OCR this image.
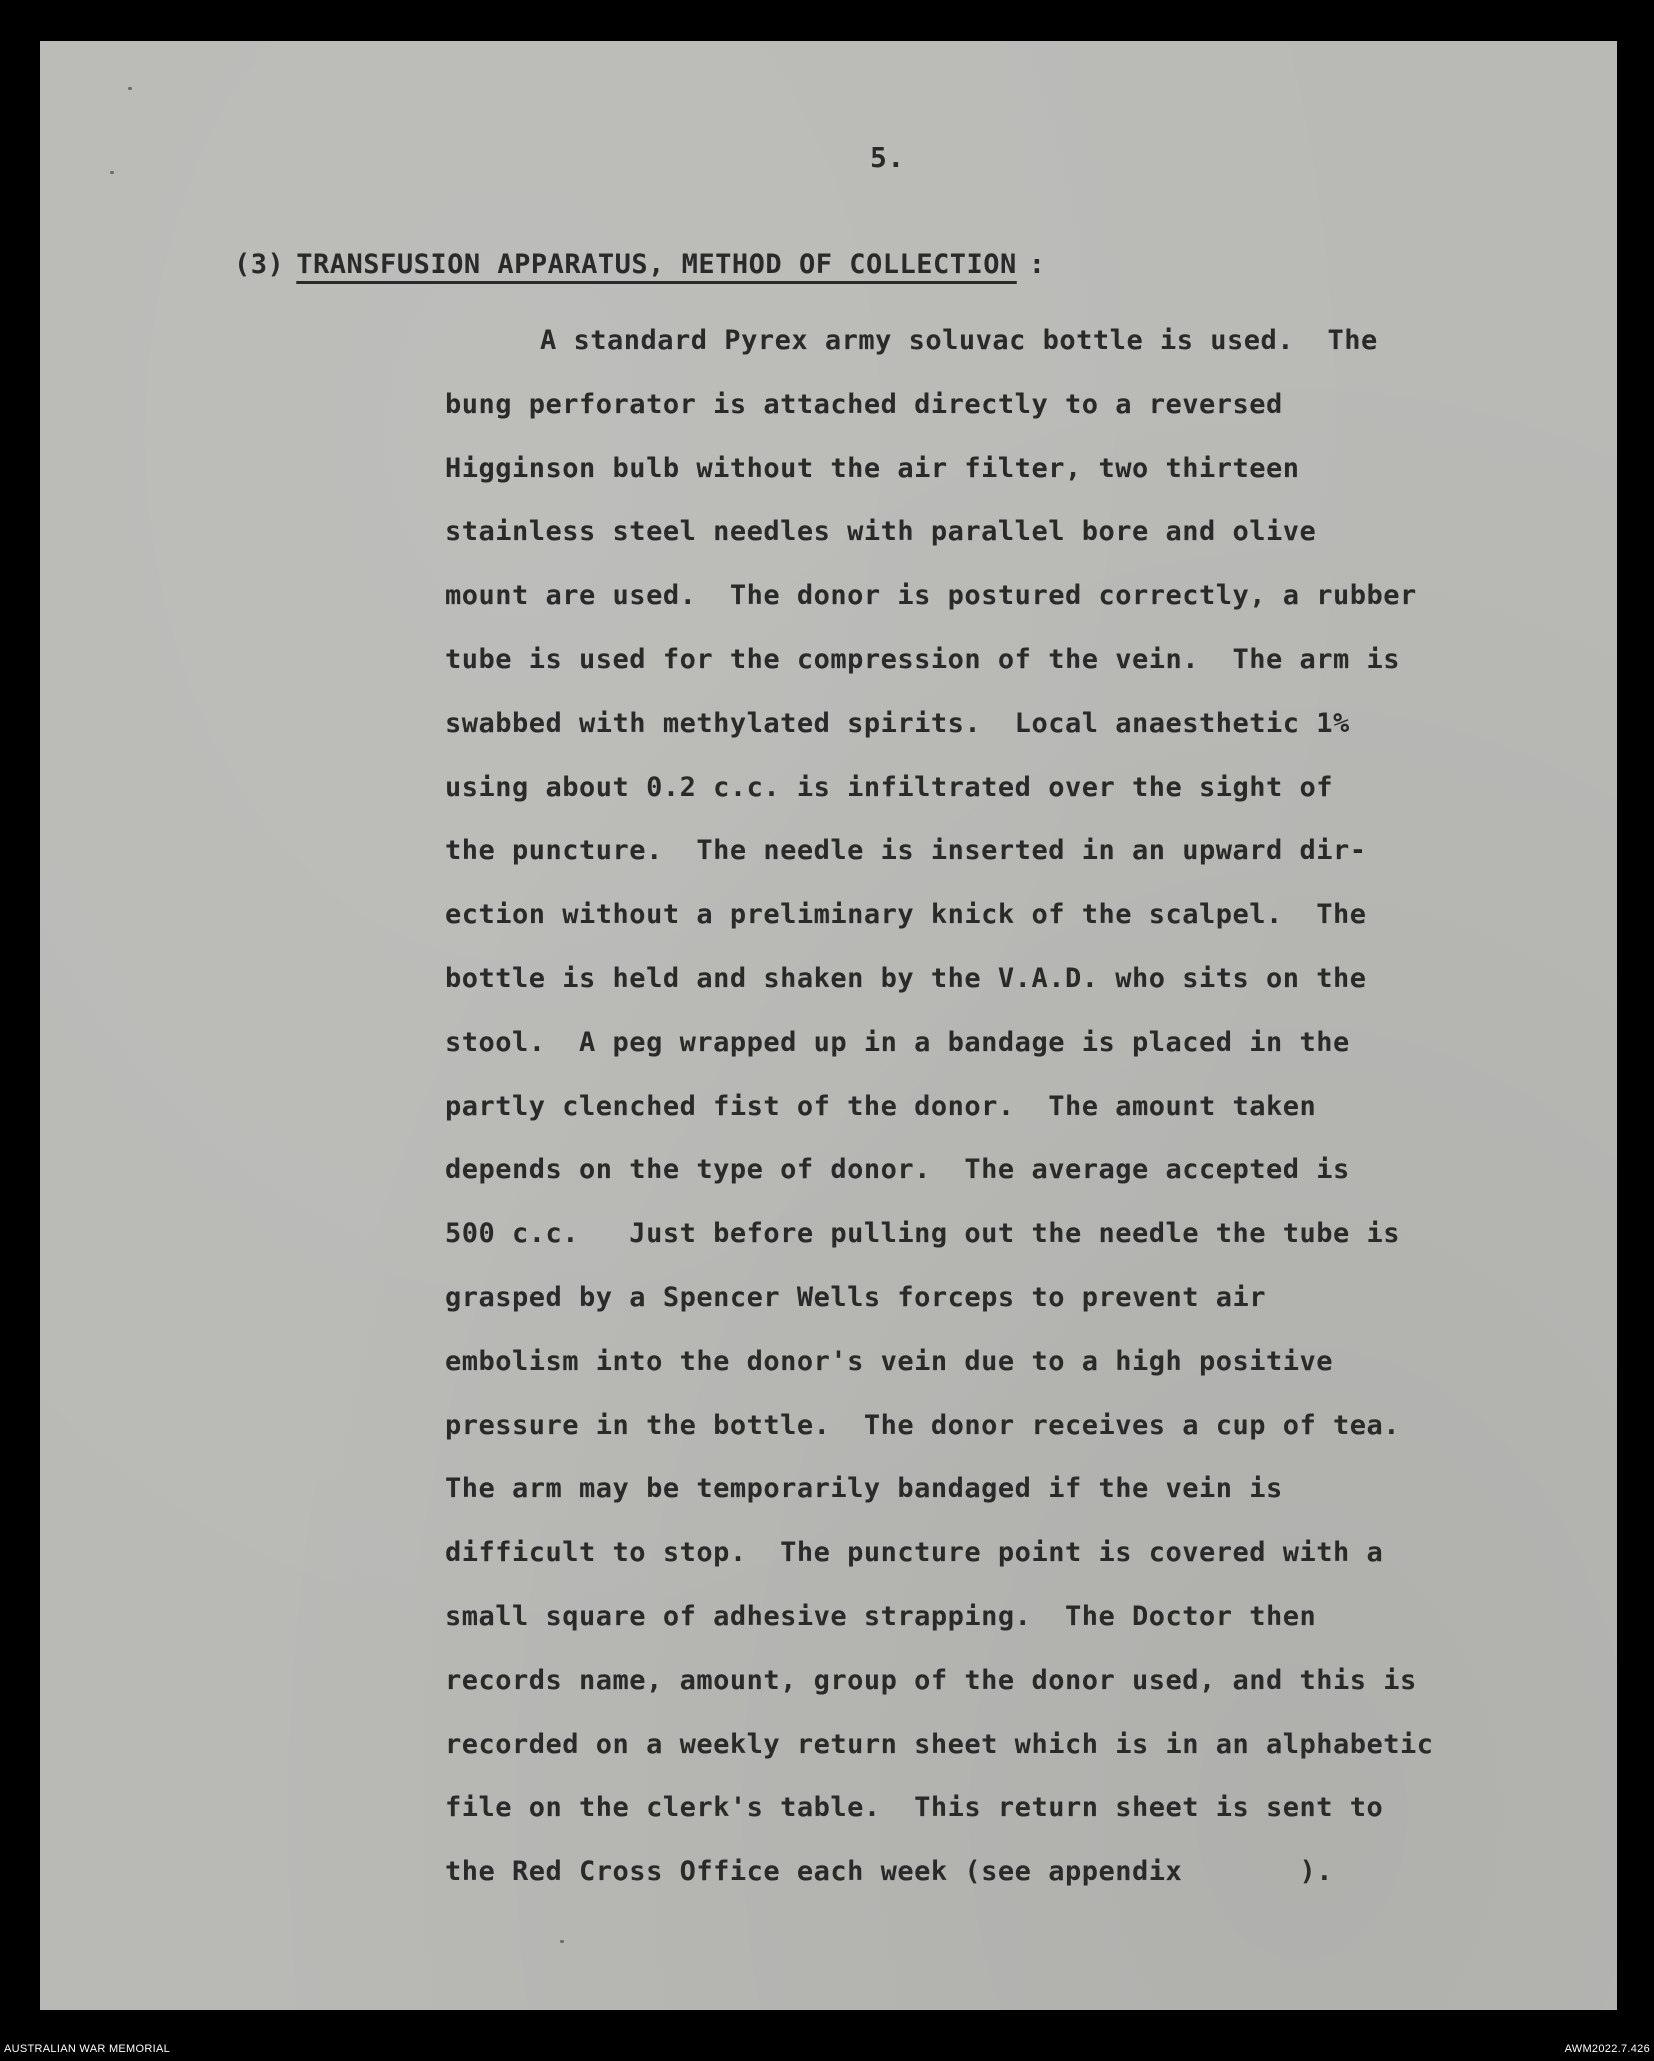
5.
(3) TRANSFUSION APPARATUS, METHOD OF COLLECTION :
A standard Pyrex army soluvac bottle is used.  The
bung perforator is attached directly to a reversed
Higginson bulb without the air filter, two thirteen
stainless steel needles with parallel bore and olive
mount are used.  The donor is postured correctly, a rubber
tube is used for the compression of the vein.  The arm is
swabbed with methylated spirits.  Local anaesthetic 1%
using about 0.2 c.c. is infiltrated over the sight of
the puncture.  The needle is inserted in an upward dir-
ection without a preliminary knick of the scalpel.  The
bottle is held and shaken by the V.A.D. who sits on the
stool.  A peg wrapped up in a bandage is placed in the
partly clenched fist of the donor.  The amount taken
depends on the type of donor.  The average accepted is
500 c.c.   Just before pulling out the needle the tube is
grasped by a Spencer Wells forceps to prevent air
embolism into the donor's vein due to a high positive
pressure in the bottle.  The donor receives a cup of tea.
The arm may be temporarily bandaged if the vein is
difficult to stop.  The puncture point is covered with a
small square of adhesive strapping.  The Doctor then
records name, amount, group of the donor used, and this is
recorded on a weekly return sheet which is in an alphabetic
file on the clerk's table.  This return sheet is sent to
the Red Cross Office each week (see appendix       ).
AUSTRALIAN WAR MEMORIAL	AWM2022.7.426
